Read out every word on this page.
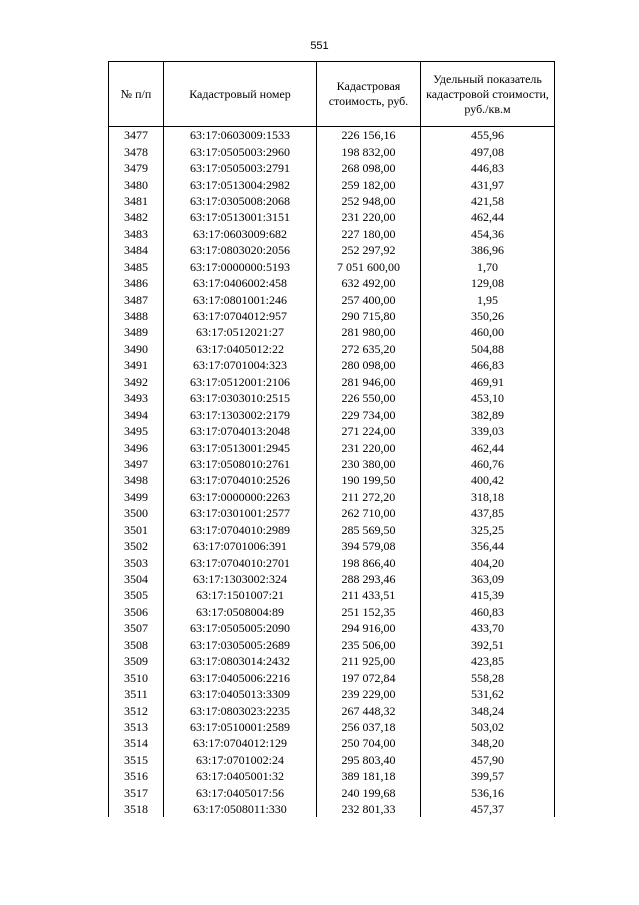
551
№ п/п	Кадастровый номер	Кадастровая стоимость, руб.	Удельный показатель кадастровой стоимости, руб./кв.м
3477	63:17:0603009:1533	226 156,16	455,96
3478	63:17:0505003:2960	198 832,00	497,08
3479	63:17:0505003:2791	268 098,00	446,83
3480	63:17:0513004:2982	259 182,00	431,97
3481	63:17:0305008:2068	252 948,00	421,58
3482	63:17:0513001:3151	231 220,00	462,44
3483	63:17:0603009:682	227 180,00	454,36
3484	63:17:0803020:2056	252 297,92	386,96
3485	63:17:0000000:5193	7 051 600,00	1,70
3486	63:17:0406002:458	632 492,00	129,08
3487	63:17:0801001:246	257 400,00	1,95
3488	63:17:0704012:957	290 715,80	350,26
3489	63:17:0512021:27	281 980,00	460,00
3490	63:17:0405012:22	272 635,20	504,88
3491	63:17:0701004:323	280 098,00	466,83
3492	63:17:0512001:2106	281 946,00	469,91
3493	63:17:0303010:2515	226 550,00	453,10
3494	63:17:1303002:2179	229 734,00	382,89
3495	63:17:0704013:2048	271 224,00	339,03
3496	63:17:0513001:2945	231 220,00	462,44
3497	63:17:0508010:2761	230 380,00	460,76
3498	63:17:0704010:2526	190 199,50	400,42
3499	63:17:0000000:2263	211 272,20	318,18
3500	63:17:0301001:2577	262 710,00	437,85
3501	63:17:0704010:2989	285 569,50	325,25
3502	63:17:0701006:391	394 579,08	356,44
3503	63:17:0704010:2701	198 866,40	404,20
3504	63:17:1303002:324	288 293,46	363,09
3505	63:17:1501007:21	211 433,51	415,39
3506	63:17:0508004:89	251 152,35	460,83
3507	63:17:0505005:2090	294 916,00	433,70
3508	63:17:0305005:2689	235 506,00	392,51
3509	63:17:0803014:2432	211 925,00	423,85
3510	63:17:0405006:2216	197 072,84	558,28
3511	63:17:0405013:3309	239 229,00	531,62
3512	63:17:0803023:2235	267 448,32	348,24
3513	63:17:0510001:2589	256 037,18	503,02
3514	63:17:0704012:129	250 704,00	348,20
3515	63:17:0701002:24	295 803,40	457,90
3516	63:17:0405001:32	389 181,18	399,57
3517	63:17:0405017:56	240 199,68	536,16
3518	63:17:0508011:330	232 801,33	457,37
